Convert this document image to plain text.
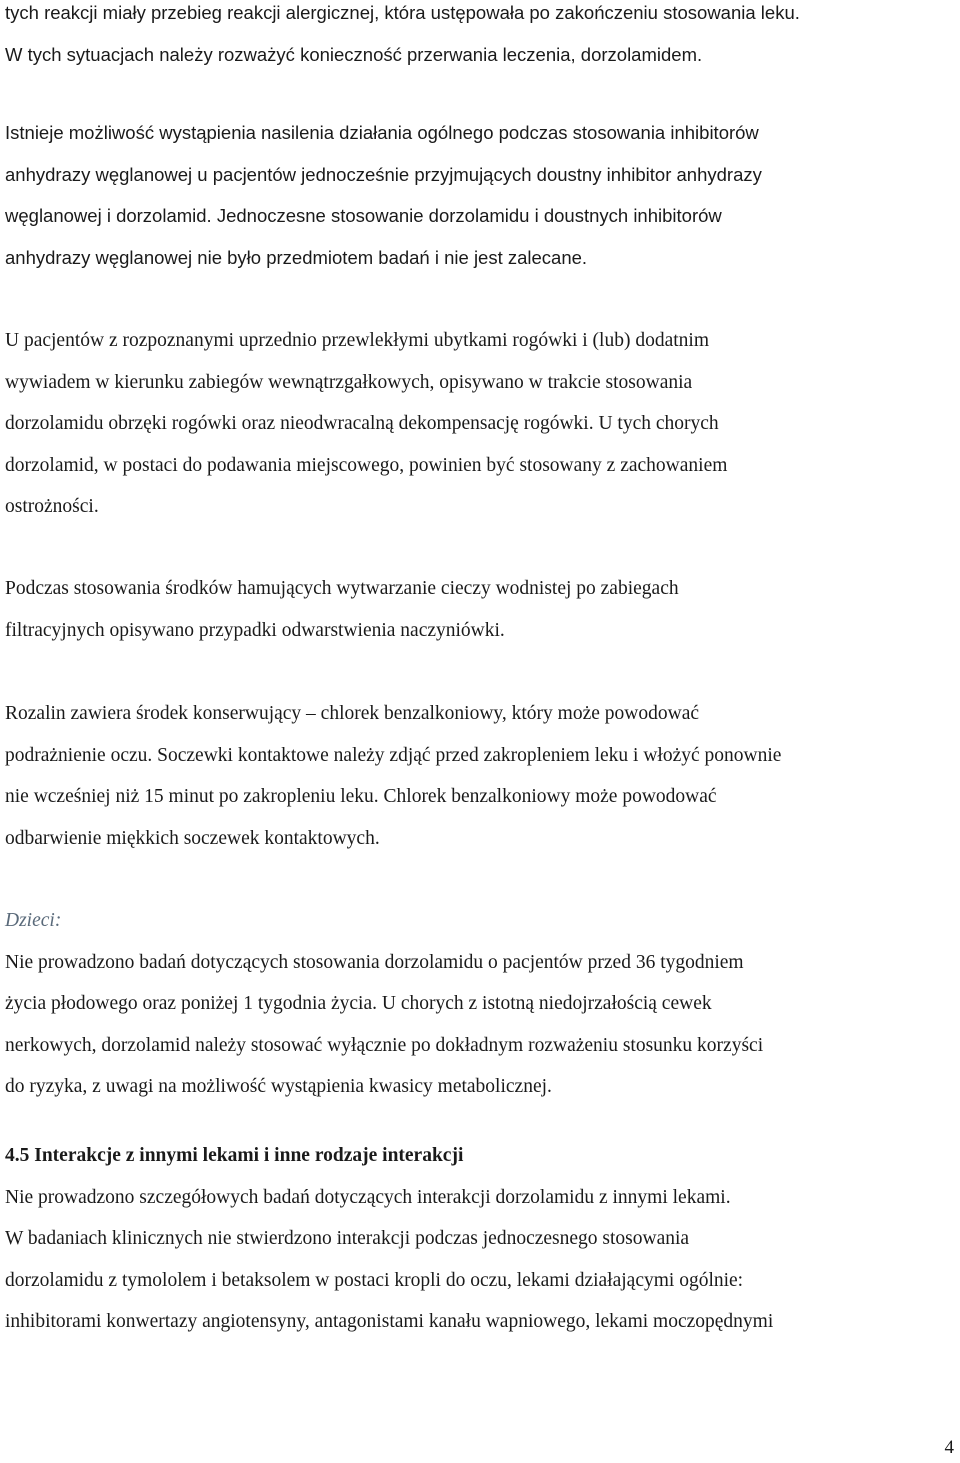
tych reakcji miały przebieg reakcji alergicznej, która ustępowała po zakończeniu stosowania leku.
W tych sytuacjach należy rozważyć konieczność przerwania leczenia, dorzolamidem.
Istnieje możliwość wystąpienia nasilenia działania ogólnego podczas stosowania inhibitorów
anhydrazy węglanowej u pacjentów jednocześnie przyjmujących doustny inhibitor anhydrazy
węglanowej i dorzolamid. Jednoczesne stosowanie dorzolamidu i doustnych inhibitorów
anhydrazy węglanowej nie było przedmiotem badań i nie jest zalecane.
U pacjentów z rozpoznanymi uprzednio przewlekłymi ubytkami rogówki i (lub) dodatnim
wywiadem w kierunku zabiegów wewnątrzgałkowych, opisywano w trakcie stosowania
dorzolamidu obrzęki rogówki oraz nieodwracalną dekompensację rogówki. U tych chorych
dorzolamid, w postaci do podawania miejscowego, powinien być stosowany z zachowaniem
ostrożności.
Podczas stosowania środków hamujących wytwarzanie cieczy wodnistej po zabiegach
filtracyjnych opisywano przypadki odwarstwienia naczyniówki.
Rozalin zawiera środek konserwujący – chlorek benzalkoniowy, który może powodować
podrażnienie oczu. Soczewki kontaktowe należy zdjąć przed zakropleniem leku i włożyć ponownie
nie wcześniej niż 15 minut po zakropleniu leku. Chlorek benzalkoniowy może powodować
odbarwienie miękkich soczewek kontaktowych.
Dzieci:
Nie prowadzono badań dotyczących stosowania dorzolamidu o pacjentów przed 36 tygodniem
życia płodowego oraz poniżej 1 tygodnia życia. U chorych z istotną niedojrzałością cewek
nerkowych, dorzolamid należy stosować wyłącznie po dokładnym rozważeniu stosunku korzyści
do ryzyka, z uwagi na możliwość wystąpienia kwasicy metabolicznej.
4.5 Interakcje z innymi lekami i inne rodzaje interakcji
Nie prowadzono szczegółowych badań dotyczących interakcji dorzolamidu z innymi lekami.
W badaniach klinicznych nie stwierdzono interakcji podczas jednoczesnego stosowania
dorzolamidu z tymololem i betaksolem w postaci kropli do oczu, lekami działającymi ogólnie:
inhibitorami konwertazy angiotensyny, antagonistami kanału wapniowego, lekami moczopędnymi
4
